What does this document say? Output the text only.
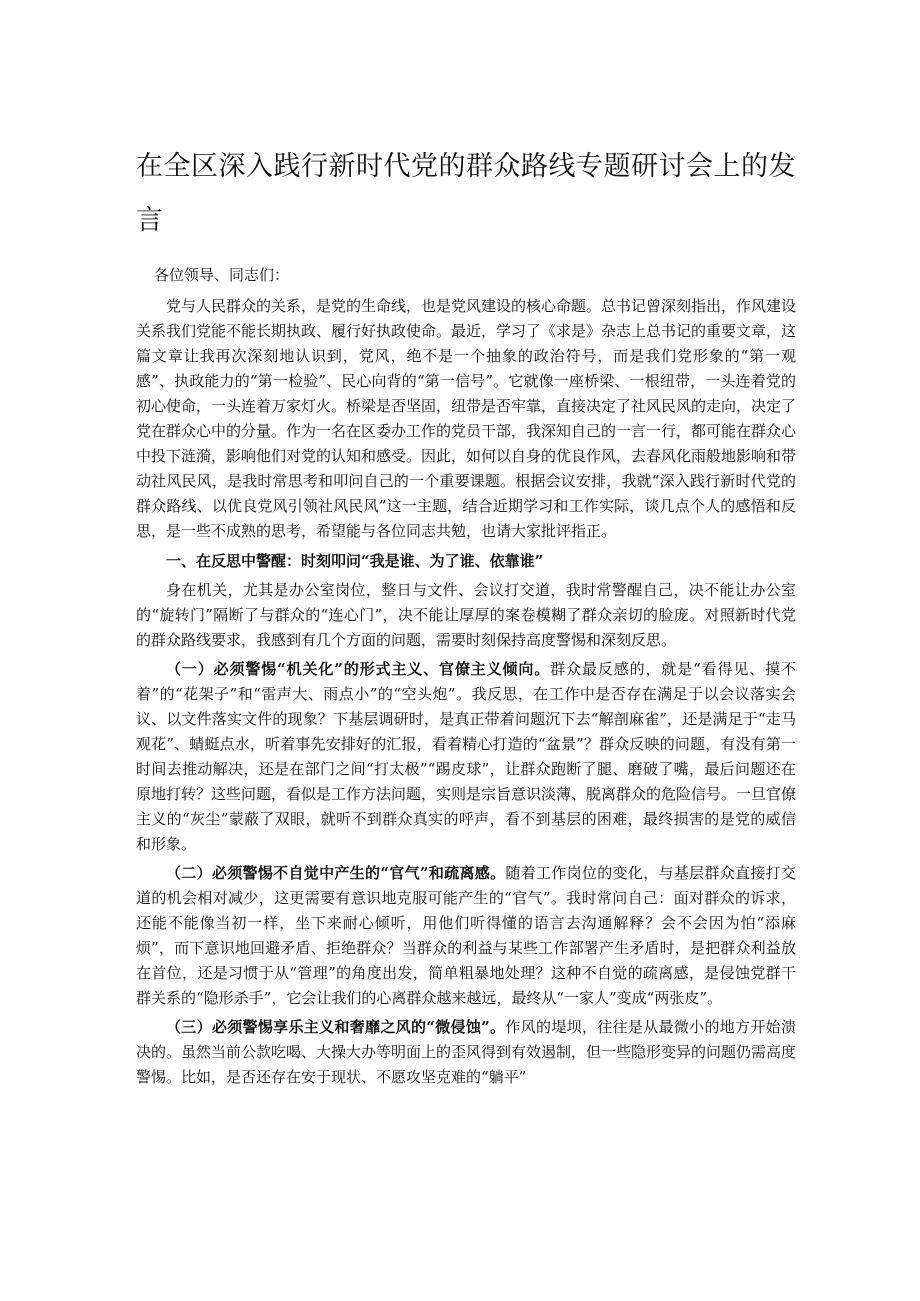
在全区深入践行新时代党的群众路线专题研讨会上的发言
各位领导、同志们：

党与人民群众的关系，是党的生命线，也是党风建设的核心命题。总书记曾深刻指出，作风建设关系我们党能不能长期执政、履行好执政使命。最近，学习了《求是》杂志上总书记的重要文章，这篇文章让我再次深刻地认识到，党风，绝不是一个抽象的政治符号，而是我们党形象的“第一观感”、执政能力的“第一检验”、民心向背的“第一信号”。它就像一座桥梁、一根纽带，一头连着党的初心使命，一头连着万家灯火。桥梁是否坚固，纽带是否牢靠，直接决定了社风民风的走向，决定了党在群众心中的分量。作为一名在区委办工作的党员干部，我深知自己的一言一行，都可能在群众心中投下涟漪，影响他们对党的认知和感受。因此，如何以自身的优良作风，去春风化雨般地影响和带动社风民风，是我时常思考和叩问自己的一个重要课题。根据会议安排，我就“深入践行新时代党的群众路线、以优良党风引领社风民风”这一主题，结合近期学习和工作实际，谈几点个人的感悟和反思，是一些不成熟的思考，希望能与各位同志共勉，也请大家批评指正。

一、在反思中警醒：时刻叩问“我是谁、为了谁、依靠谁”

身在机关，尤其是办公室岗位，整日与文件、会议打交道，我时常警醒自己，决不能让办公室的“旋转门”隔断了与群众的“连心门”，决不能让厚厚的案卷模糊了群众亲切的脸庞。对照新时代党的群众路线要求，我感到有几个方面的问题，需要时刻保持高度警惕和深刻反思。

（一）必须警惕“机关化”的形式主义、官僚主义倾向。群众最反感的，就是“看得见、摸不着”的“花架子”和“雷声大、雨点小”的“空头炮”。我反思，在工作中是否存在满足于以会议落实会议、以文件落实文件的现象？下基层调研时，是真正带着问题沉下去“解剖麻雀”，还是满足于“走马观花”、蜻蜓点水，听着事先安排好的汇报，看着精心打造的“盆景”？群众反映的问题，有没有第一时间去推动解决，还是在部门之间“打太极”“踢皮球”，让群众跑断了腿、磨破了嘴，最后问题还在原地打转？这些问题，看似是工作方法问题，实则是宗旨意识淡薄、脱离群众的危险信号。一旦官僚主义的“灰尘”蒙蔽了双眼，就听不到群众真实的呼声，看不到基层的困难，最终损害的是党的威信和形象。

（二）必须警惕不自觉中产生的“官气”和疏离感。随着工作岗位的变化，与基层群众直接打交道的机会相对减少，这更需要有意识地克服可能产生的“官气”。我时常问自己：面对群众的诉求，还能不能像当初一样，坐下来耐心倾听，用他们听得懂的语言去沟通解释？会不会因为怕“添麻烦”，而下意识地回避矛盾、拒绝群众？当群众的利益与某些工作部署产生矛盾时，是把群众利益放在首位，还是习惯于从“管理”的角度出发，简单粗暴地处理？这种不自觉的疏离感，是侵蚀党群干群关系的“隐形杀手”，它会让我们的心离群众越来越远，最终从“一家人”变成“两张皮”。

（三）必须警惕享乐主义和奢靡之风的“微侵蚀”。作风的堤坝，往往是从最微小的地方开始溃决的。虽然当前公款吃喝、大操大办等明面上的歪风得到有效遏制，但一些隐形变异的问题仍需高度警惕。比如，是否还存在安于现状、不愿攻坚克难的“躺平”
